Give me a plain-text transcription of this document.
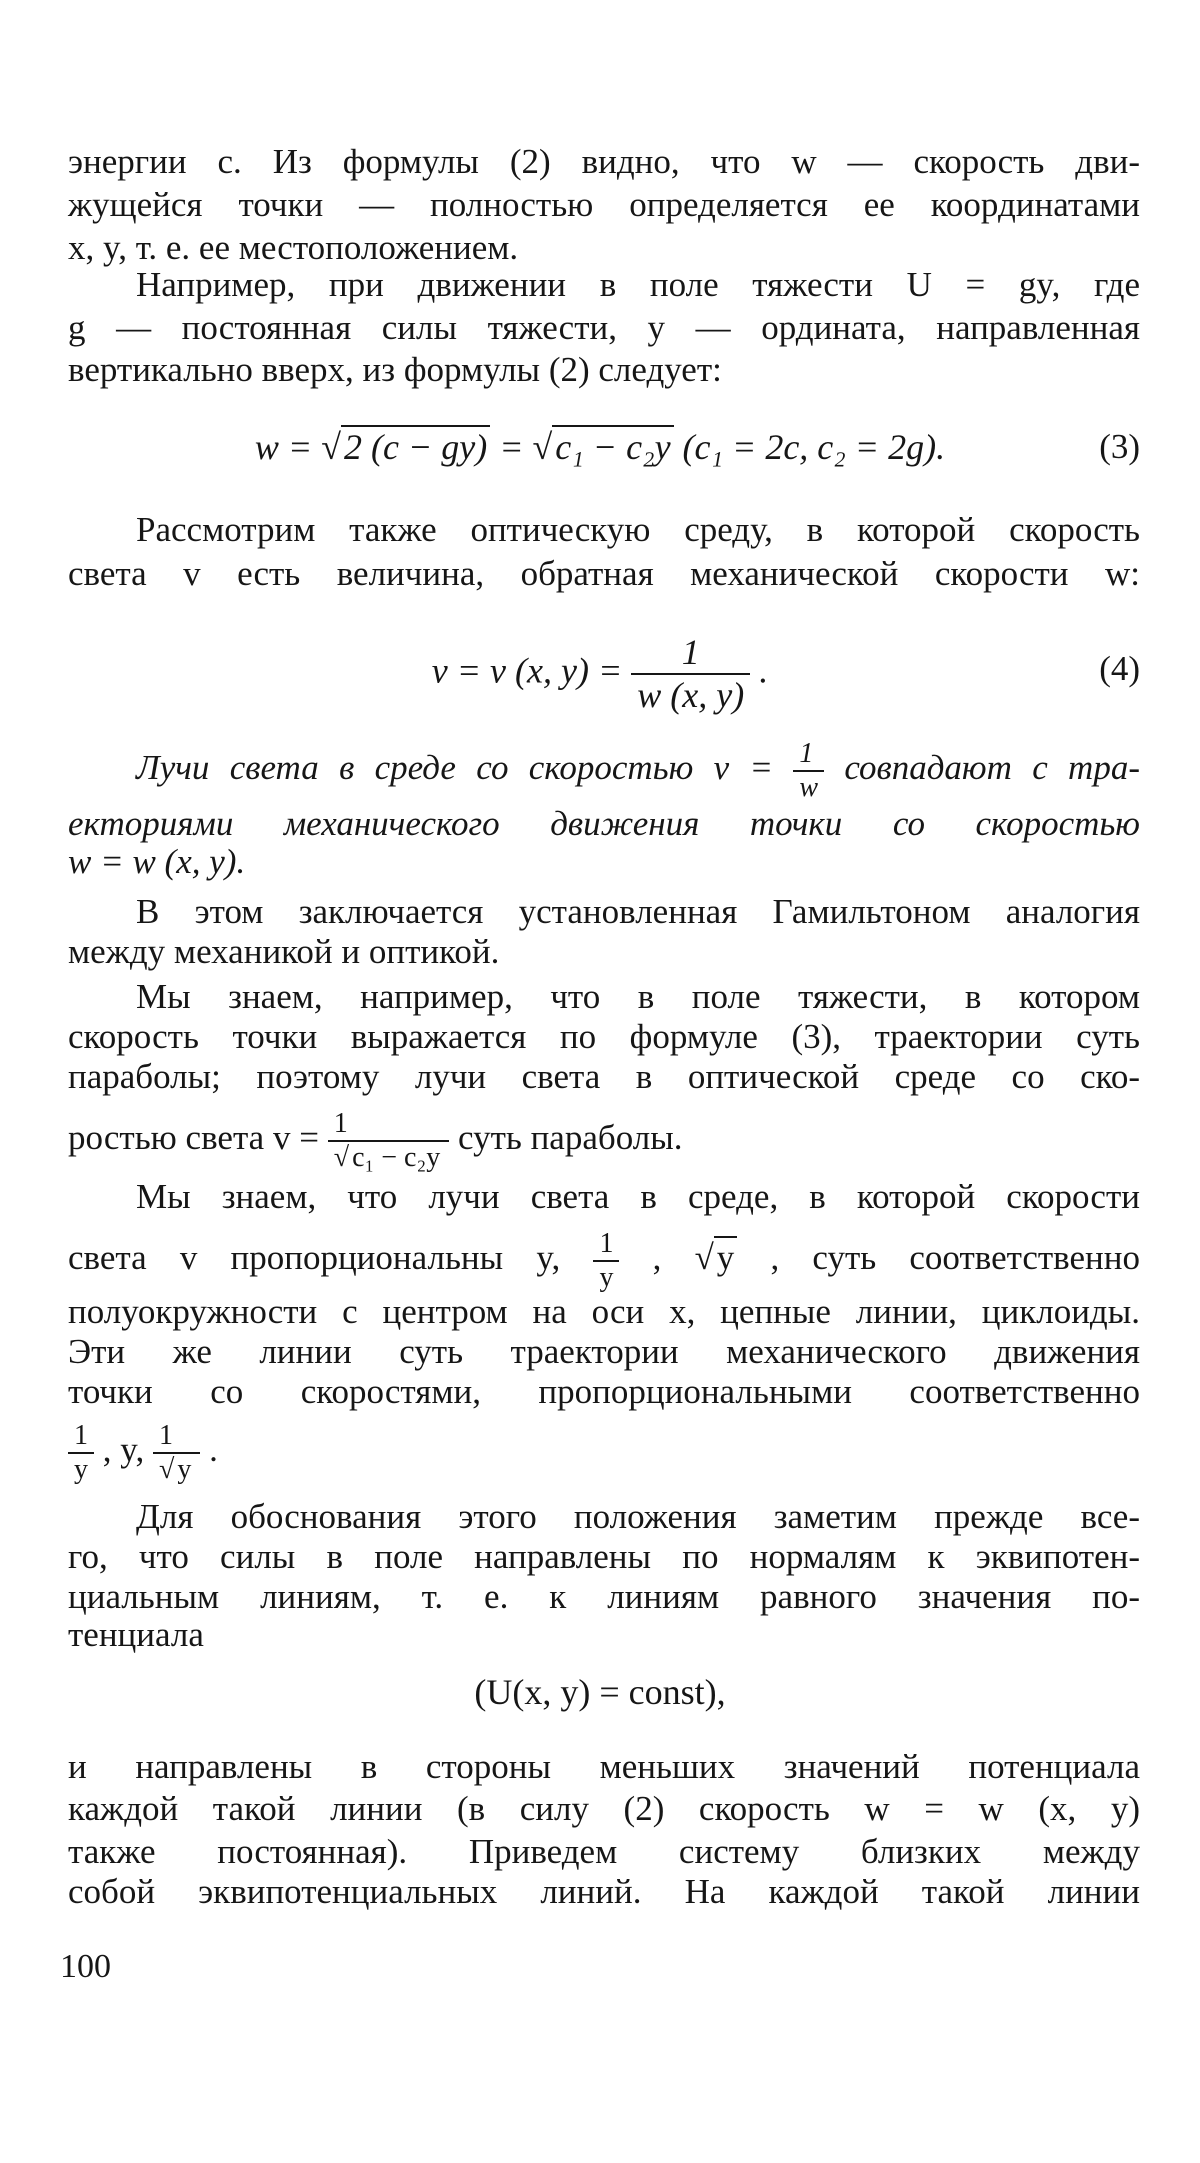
энергии c. Из формулы (2) видно, что w — скорость дви-
жущейся точки — полностью определяется ее координатами
x, y, т. е. ее местоположением.
Например, при движении в поле тяжести U = gy, где
g — постоянная силы тяжести, y — ордината, направленная
вертикально вверх, из формулы (2) следует:
w = √2 (c − gy) = √c₁ − c₂y (c₁ = 2c, c₂ = 2g).	(3)
Рассмотрим также оптическую среду, в которой скорость
света v есть величина, обратная механической скорости w:
v = v (x, $y) = \frac{1}{w (x, y)}$ .	(4)
Лучи света в среде со скоростью $v = \frac{1}{w}$ совпадают с тра-
екториями механического движения точки со скоростью
w = w (x, y).
В этом заключается установленная Гамильтоном аналогия
между механикой и оптикой.
Мы знаем, например, что в поле тяжести, в котором
скорость точки выражается по формуле (3), траектории суть
параболы; поэтому лучи света в оптической среде со ско-
ростью света $v = \frac{1}{\text{√ c₁ − c₂y}}$ суть параболы.
Мы знаем, что лучи света в среде, в которой скорости
света v пропорциональны y, $\frac{1}{y}$ , √y , суть соответственно
полуокружности с центром на оси x, цепные линии, циклоиды.
Эти же линии суть траектории механического движения
точки со скоростями, пропорциональными соответственно
$\frac{1}{y}$ , y, $\frac{1}{√ y}$ .
Для обоснования этого положения заметим прежде все-
го, что силы в поле направлены по нормалям к эквипотен-
циальным линиям, т. е. к линиям равного значения по-
тенциала
(U(x, y) = const),
и направлены в стороны меньших значений потенциала
каждой такой линии (в силу (2) скорость w = w (x, y)
также постоянная). Приведем систему близких между
собой эквипотенциальных линий. На каждой такой линии
100
